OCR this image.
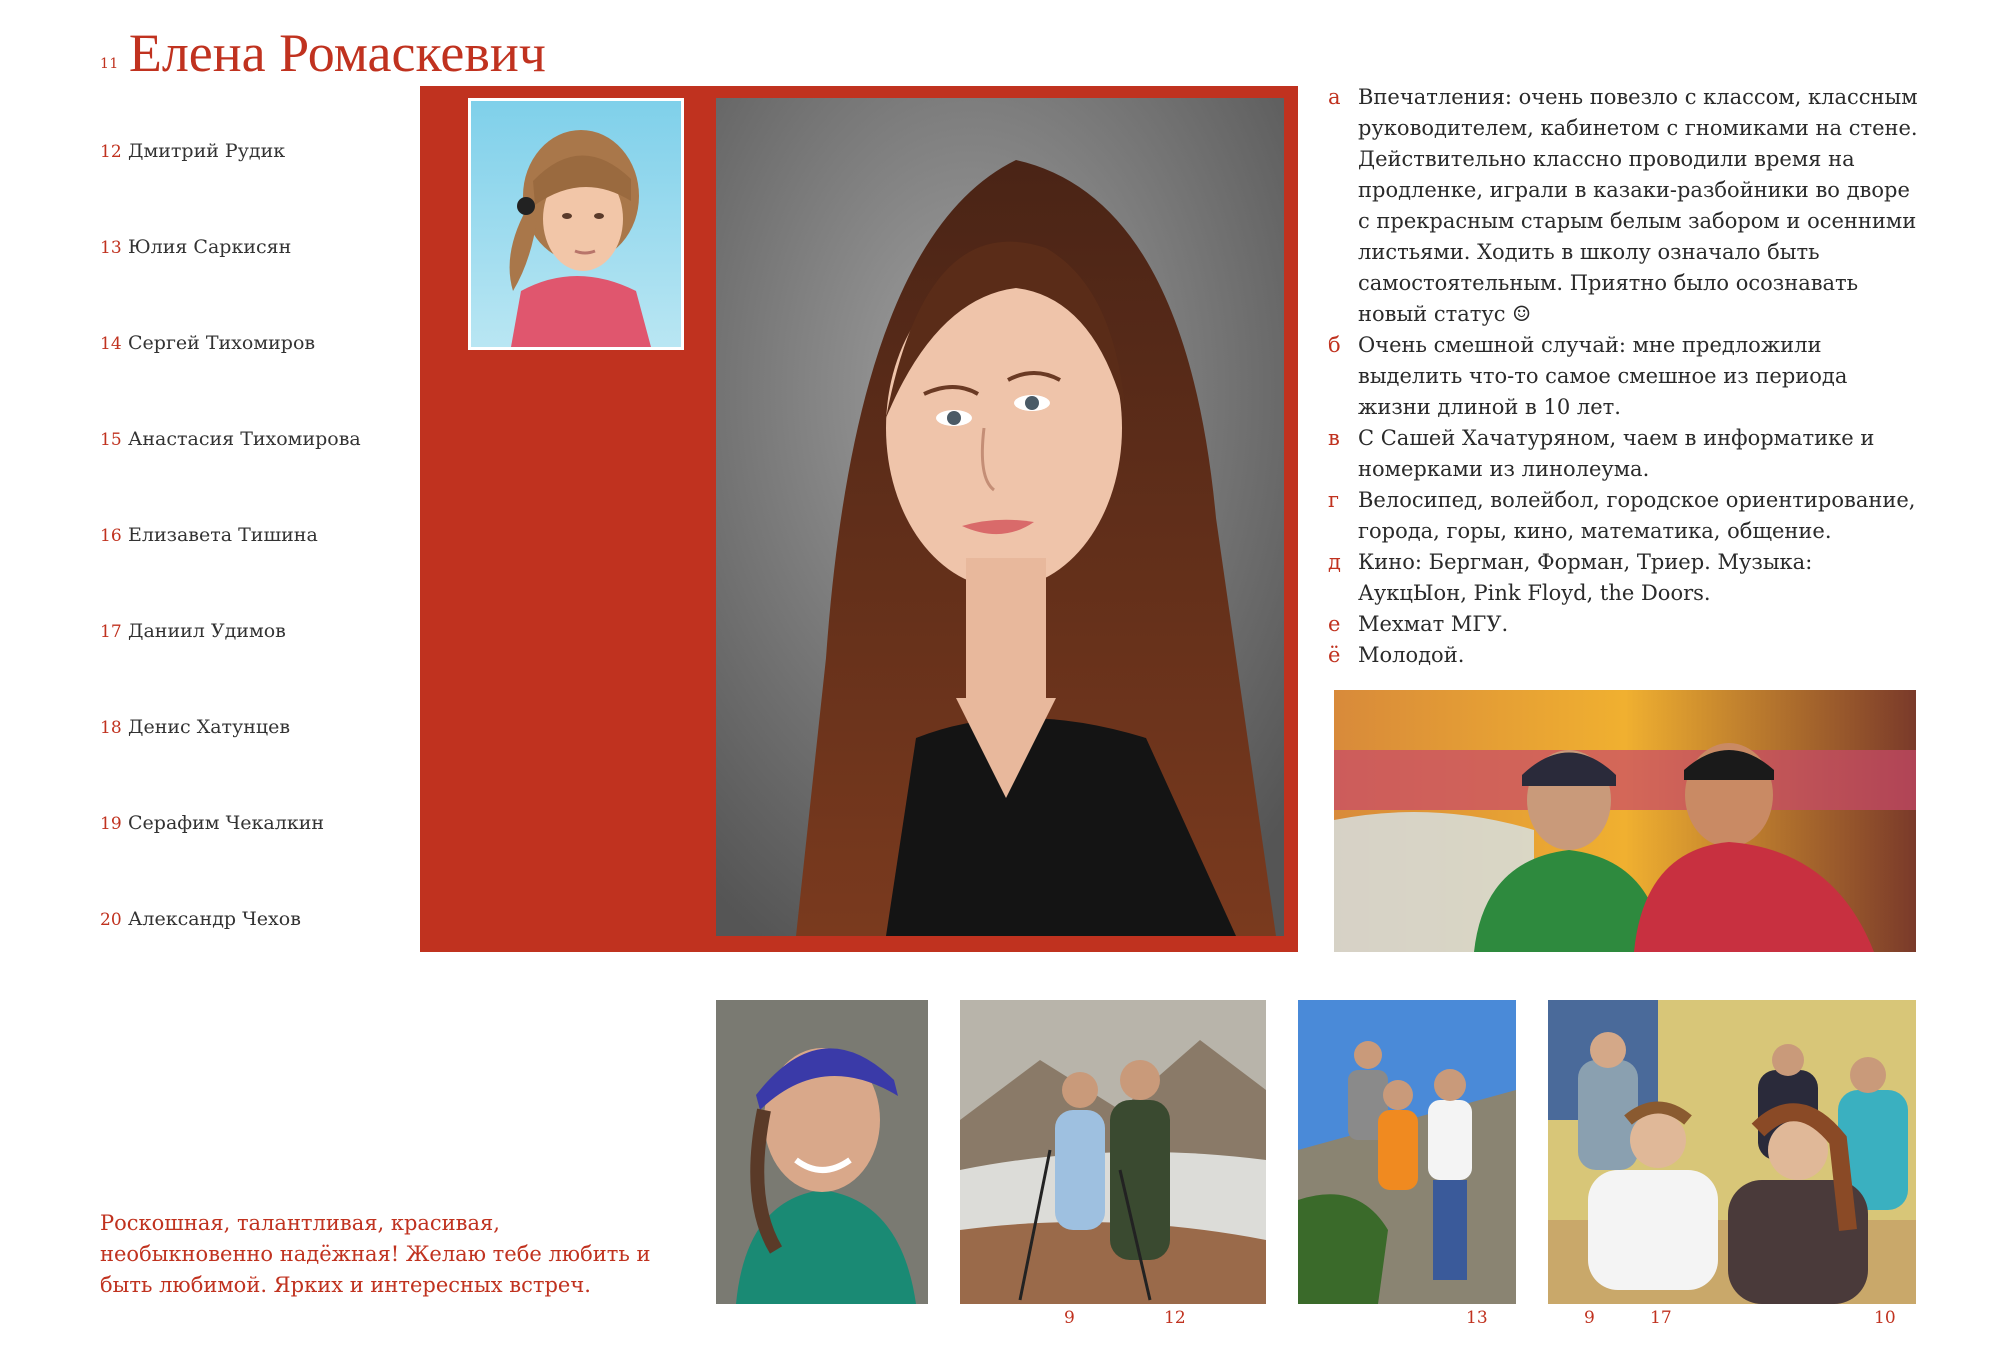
11 Елена Ромаскевич
12 Дмитрий Рудик
13 Юлия Саркисян
14 Сергей Тихомиров
15 Анастасия Тихомирова
16 Елизавета Тишина
17 Даниил Удимов
18 Денис Хатунцев
19 Серафим Чекалкин
20 Александр Чехов
а Впечатления: очень повезло с классом, классным руководителем, кабинетом с гномиками на стене. Действительно классно проводили время на продленке, играли в казаки-разбойники во дворе с прекрасным старым белым забором и осенними листьями. Ходить в школу означало быть самостоятельным. Приятно было осознавать новый статус ☺
б Очень смешной случай: мне предложили выделить что-то самое смешное из периода жизни длиной в 10 лет.
в С Сашей Хачатуряном, чаем в информатике и номерками из линолеума.
г Велосипед, волейбол, городское ориентирование, города, горы, кино, математика, общение.
д Кино: Бергман, Форман, Триер. Музыка: АукцЫон, Pink Floyd, the Doors.
е Мехмат МГУ.
ё Молодой.
9	12	13	9	17	10
Роскошная, талантливая, красивая, необыкновенно надёжная! Желаю тебе любить и быть любимой. Ярких и интересных встреч.
